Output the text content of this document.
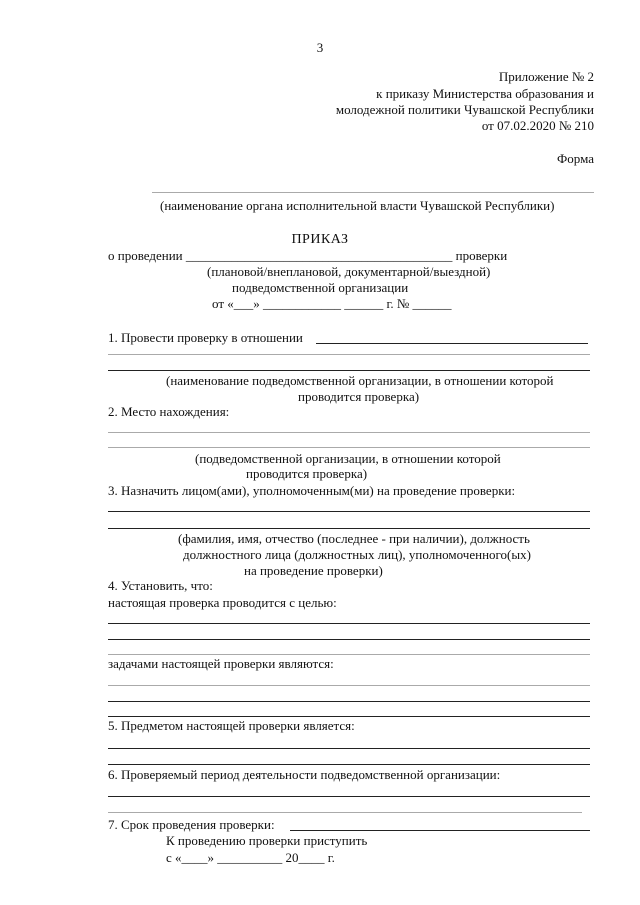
3
Приложение № 2
к приказу Министерства образования и
молодежной политики Чувашской Республики
от 07.02.2020 № 210
Форма
(наименование органа исполнительной власти Чувашской Республики)
ПРИКАЗ
о проведении _________________________________________ проверки
(плановой/внеплановой, документарной/выездной)
подведомственной организации
от «___» ____________ ______ г. № ______
1. Провести проверку в отношении
(наименование подведомственной организации, в отношении которой
проводится проверка)
2. Место нахождения:
(подведомственной организации, в отношении которой
проводится проверка)
3. Назначить лицом(ами), уполномоченным(ми) на проведение проверки:
(фамилия, имя, отчество (последнее - при наличии), должность
должностного лица (должностных лиц), уполномоченного(ых)
на проведение проверки)
4. Установить, что:
настоящая проверка проводится с целью:
задачами настоящей проверки являются:
5. Предметом настоящей проверки является:
6. Проверяемый период деятельности подведомственной организации:
7. Срок проведения проверки:
К проведению проверки приступить
с «____» __________ 20____ г.
